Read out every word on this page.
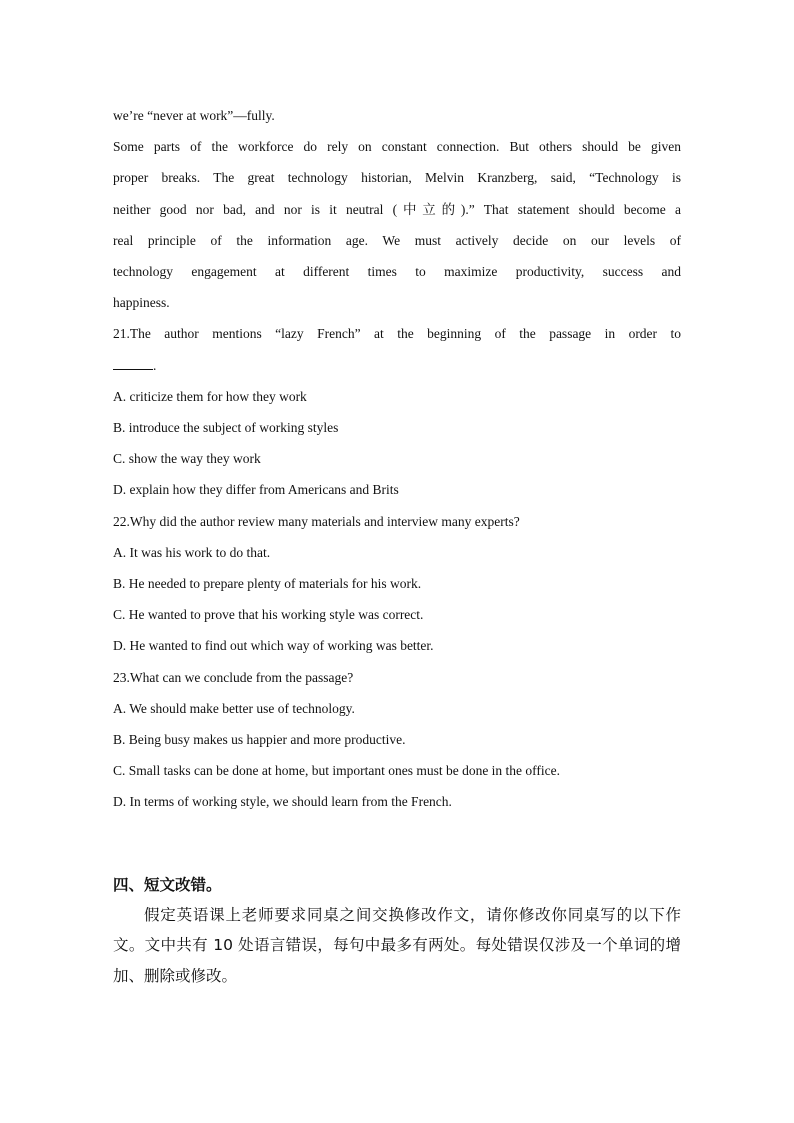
we’re “never at work”—fully.
Some parts of the workforce do rely on constant connection. But others should be given
proper breaks. The great technology historian, Melvin Kranzberg, said, “Technology is
neither good nor bad, and nor is it neutral (中立的).” That statement should become a
real principle of the information age. We must actively decide on our levels of
technology engagement at different times to maximize productivity, success and
happiness.
21.The author mentions “lazy French” at the beginning of the passage in order to
.
A. criticize them for how they work
B. introduce the subject of working styles
C. show the way they work
D. explain how they differ from Americans and Brits
22.Why did the author review many materials and interview many experts?
A. It was his work to do that.
B. He needed to prepare plenty of materials for his work.
C. He wanted to prove that his working style was correct.
D. He wanted to find out which way of working was better.
23.What can we conclude from the passage?
A. We should make better use of technology.
B. Being busy makes us happier and more productive.
C. Small tasks can be done at home, but important ones must be done in the office.
D. In terms of working style, we should learn from the French.
四、短文改错。

假定英语课上老师要求同桌之间交换修改作文，请你修改你同桌写的以下作文。文中共有 10 处语言错误，每句中最多有两处。每处错误仅涉及一个单词的增加、删除或修改。
